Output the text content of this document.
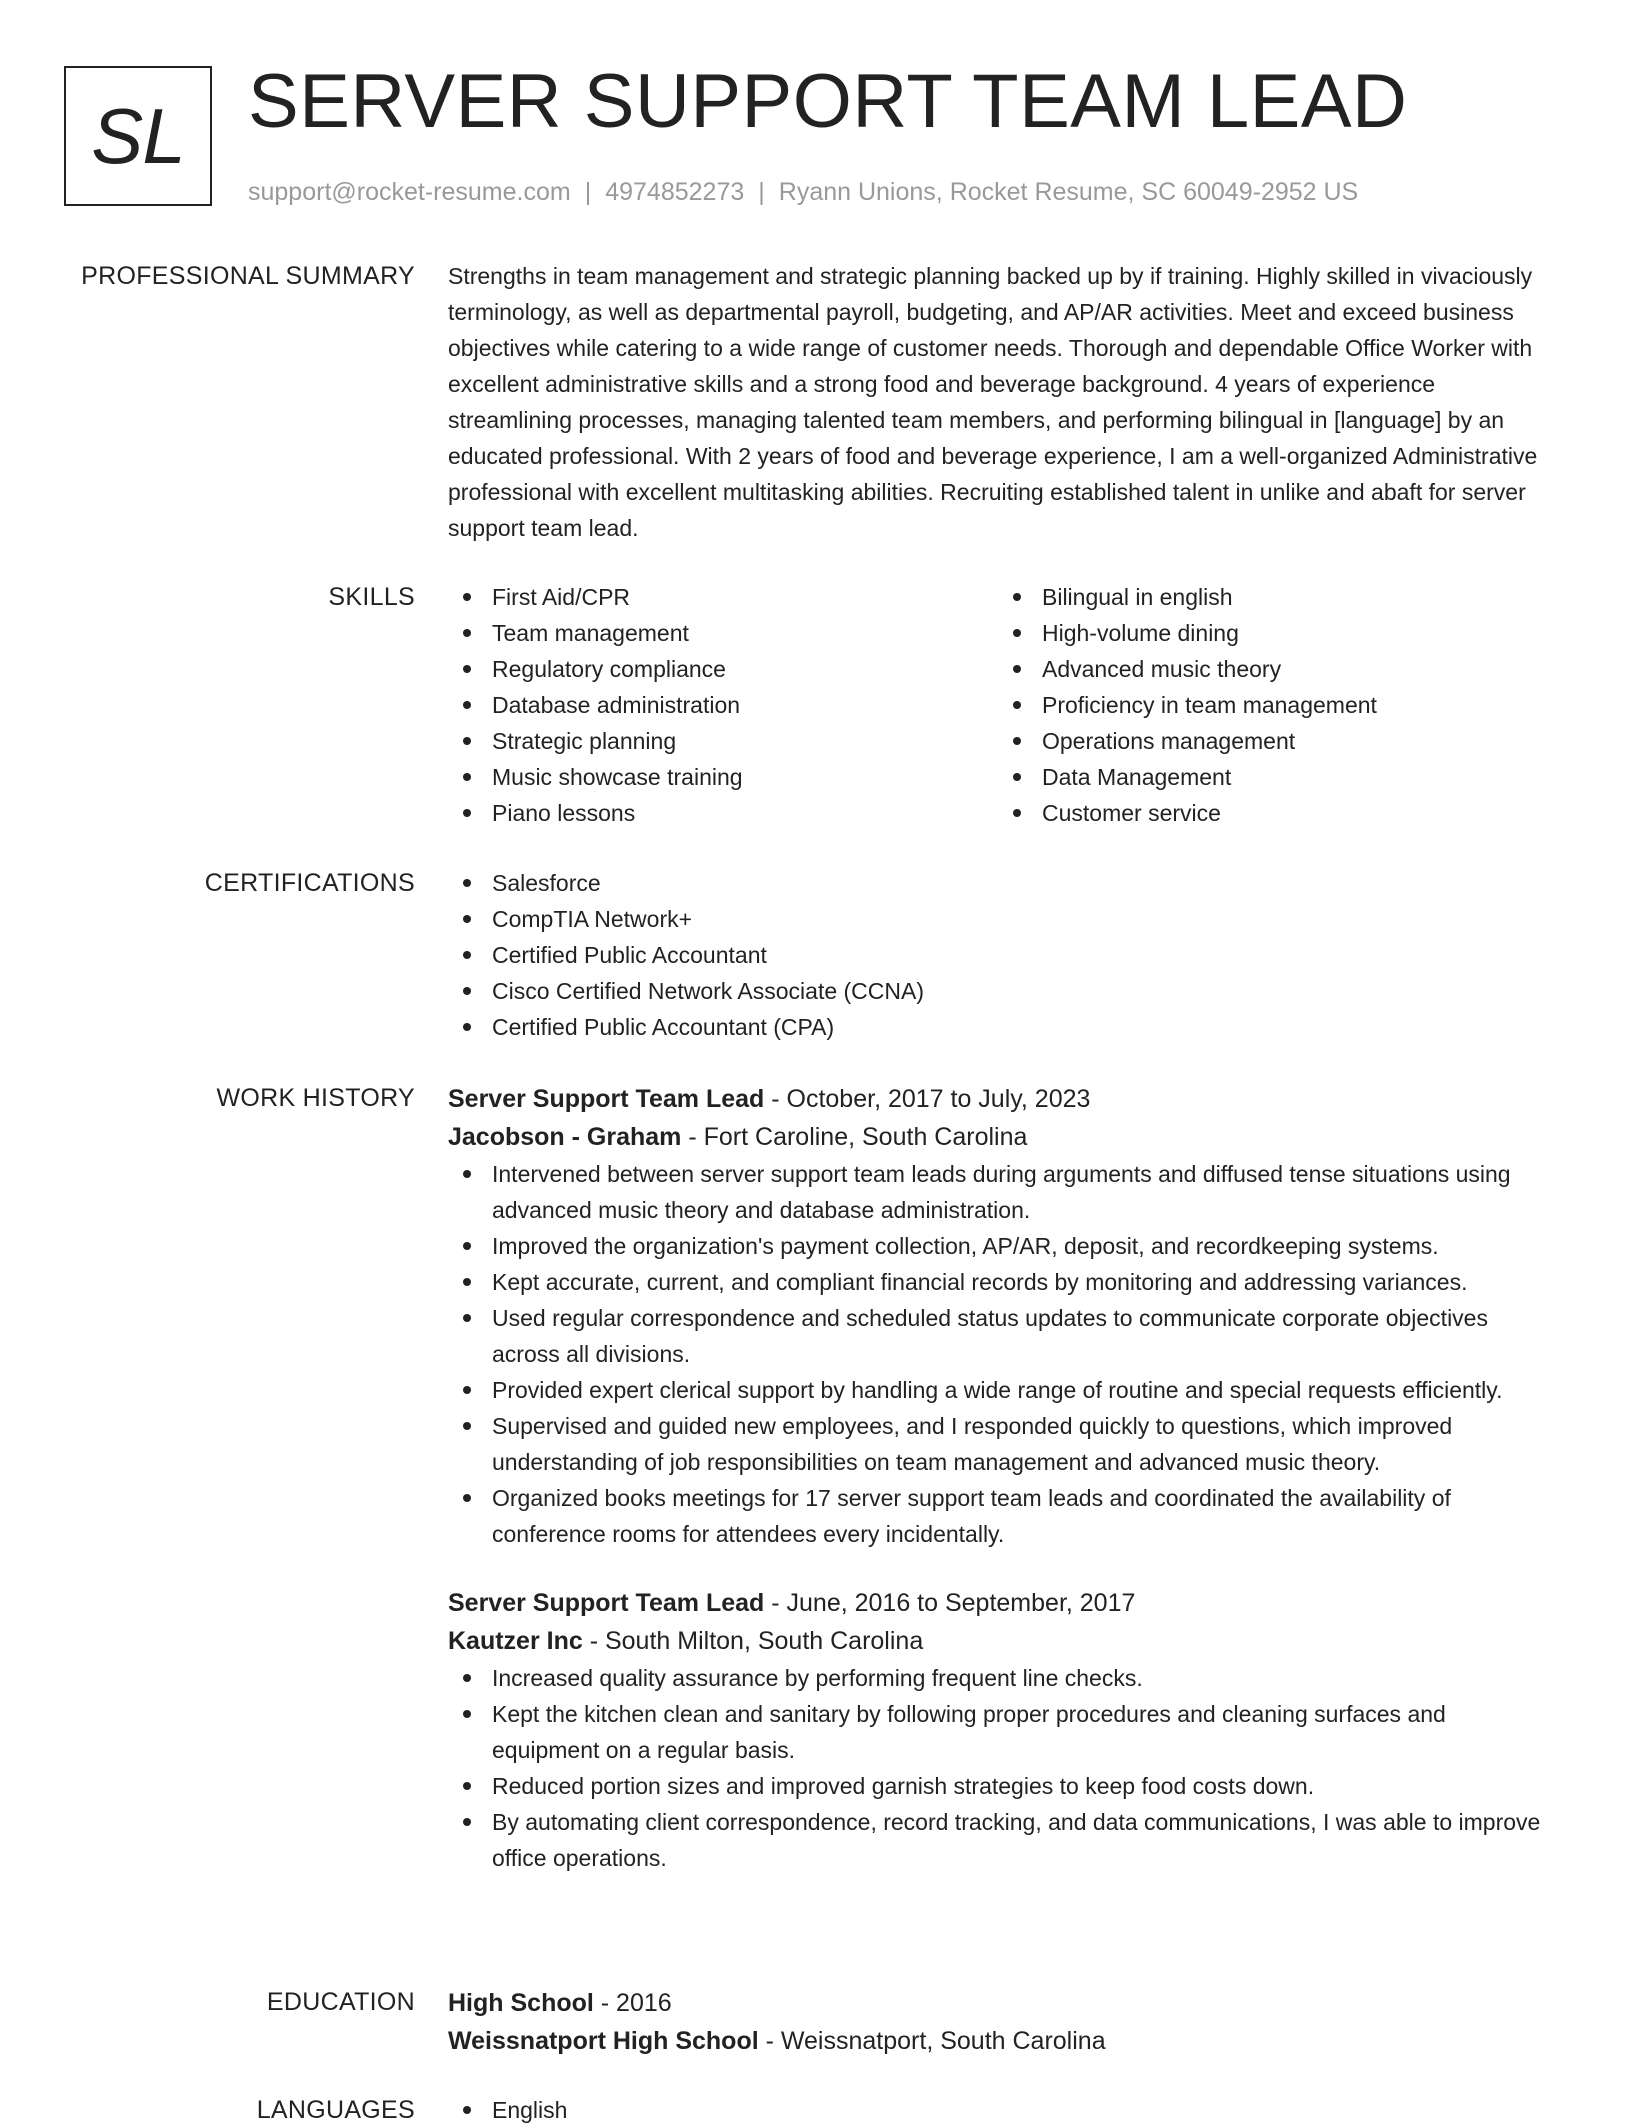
SL SERVER SUPPORT TEAM LEAD
support@rocket-resume.com | 4974852273 | Ryann Unions, Rocket Resume, SC 60049-2952 US
PROFESSIONAL SUMMARY Strengths in team management and strategic planning backed up by if training. Highly skilled in vivaciously terminology, as well as departmental payroll, budgeting, and AP/AR activities. Meet and exceed business objectives while catering to a wide range of customer needs. Thorough and dependable Office Worker with excellent administrative skills and a strong food and beverage background. 4 years of experience streamlining processes, managing talented team members, and performing bilingual in [language] by an educated professional. With 2 years of food and beverage experience, I am a well-organized Administrative professional with excellent multitasking abilities. Recruiting established talent in unlike and abaft for server support team lead.

SKILLS	First Aid/CPR
Team management
Regulatory compliance
Database administration
Strategic planning
Music showcase training
Piano lessons
Bilingual in english
High-volume dining
Advanced music theory
Proficiency in team management
Operations management
Data Management
Customer service
CERTIFICATIONS	Salesforce
CompTIA Network+
Certified Public Accountant
Cisco Certified Network Associate (CCNA)
Certified Public Accountant (CPA)
WORK HISTORY Server Support Team Lead - October, 2017 to July, 2023
Jacobson - Graham - Fort Caroline, South Carolina
Intervened between server support team leads during arguments and diffused tense situations using advanced music theory and database administration.
Improved the organization's payment collection, AP/AR, deposit, and recordkeeping systems.
Kept accurate, current, and compliant financial records by monitoring and addressing variances.
Used regular correspondence and scheduled status updates to communicate corporate objectives across all divisions.
Provided expert clerical support by handling a wide range of routine and special requests efficiently.
Supervised and guided new employees, and I responded quickly to questions, which improved understanding of job responsibilities on team management and advanced music theory.
Organized books meetings for 17 server support team leads and coordinated the availability of conference rooms for attendees every incidentally.
Server Support Team Lead - June, 2016 to September, 2017
Kautzer Inc - South Milton, South Carolina
Increased quality assurance by performing frequent line checks.
Kept the kitchen clean and sanitary by following proper procedures and cleaning surfaces and equipment on a regular basis.
Reduced portion sizes and improved garnish strategies to keep food costs down.
By automating client correspondence, record tracking, and data communications, I was able to improve office operations.
EDUCATION High School - 2016
Weissnatport High School - Weissnatport, South Carolina
LANGUAGES	English
